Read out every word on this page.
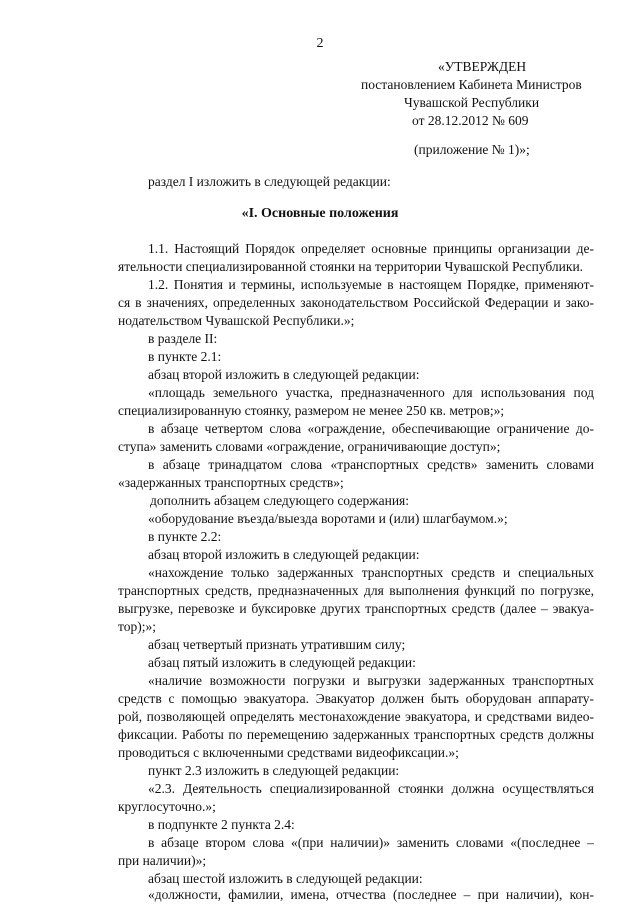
2
«УТВЕРЖДЕН
постановлением Кабинета Министров
Чувашской Республики
от 28.12.2012 № 609
(приложение № 1)»;
раздел I изложить в следующей редакции:
«I. Основные положения
1.1. Настоящий Порядок определяет основные принципы организации де-
ятельности специализированной стоянки на территории Чувашской Республики.
1.2. Понятия и термины, используемые в настоящем Порядке, применяют-
ся в значениях, определенных законодательством Российской Федерации и зако-
нодательством Чувашской Республики.»;
в разделе II:
в пункте 2.1:
абзац второй изложить в следующей редакции:
«площадь земельного участка, предназначенного для использования под
специализированную стоянку, размером не менее 250 кв. метров;»;
в абзаце четвертом слова «ограждение, обеспечивающие ограничение до-
ступа» заменить словами «ограждение, ограничивающие доступ»;
в абзаце тринадцатом слова «транспортных средств» заменить словами
«задержанных транспортных средств»;
дополнить абзацем следующего содержания:
«оборудование въезда/выезда воротами и (или) шлагбаумом.»;
в пункте 2.2:
абзац второй изложить в следующей редакции:
«нахождение только задержанных транспортных средств и специальных
транспортных средств, предназначенных для выполнения функций по погрузке,
выгрузке, перевозке и буксировке других транспортных средств (далее – эвакуа-
тор);»;
абзац четвертый признать утратившим силу;
абзац пятый изложить в следующей редакции:
«наличие возможности погрузки и выгрузки задержанных транспортных
средств с помощью эвакуатора. Эвакуатор должен быть оборудован аппарату-
рой, позволяющей определять местонахождение эвакуатора, и средствами видео-
фиксации. Работы по перемещению задержанных транспортных средств должны
проводиться с включенными средствами видеофиксации.»;
пункт 2.3 изложить в следующей редакции:
«2.3. Деятельность специализированной стоянки должна осуществляться
круглосуточно.»;
в подпункте 2 пункта 2.4:
в абзаце втором слова «(при наличии)» заменить словами «(последнее –
при наличии)»;
абзац шестой изложить в следующей редакции:
«должности, фамилии, имена, отчества (последнее – при наличии), кон-
